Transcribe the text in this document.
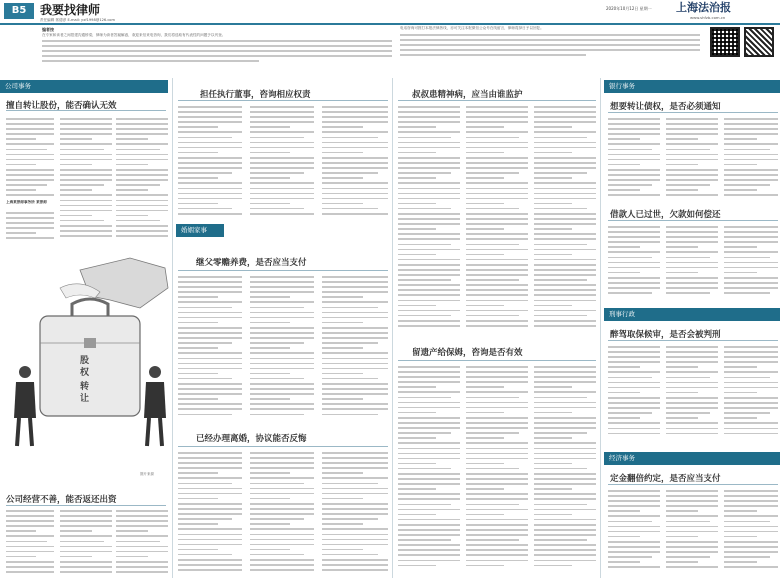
B5	我要找律师
责任编辑 郭德淳 E-mail: yxf1998@126.com
上海法治报
www.shfzb.com.cn
2020年10月12日 星期一
编者按
在专家和读者之间搭建沟通桥梁，律师为读者答疑解惑，欢迎来信来电咨询，我们将选取有代表性的问题予以刊登。
电话咨询可拨打本报法律热线，亦可关注本报微信公众号在线留言，律师将择日予以回复。
公司事务
擅自转让股份，能否确认无效
上海某律师事务所 某律师
股
权
转
让
图片来源
公司经营不善，能否返还出资
担任执行董事，咨询相应权责
婚姻家事
继父零赡养费，是否应当支付
已经办理离婚，协议能否反悔
叔叔患精神病，应当由谁监护
留遗产给保姆，咨询是否有效
银行事务
想要转让债权，是否必须通知
借款人已过世，欠款如何偿还
刑事行政
醉驾取保候审，是否会被判刑
经济事务
定金翻倍约定，是否应当支付
